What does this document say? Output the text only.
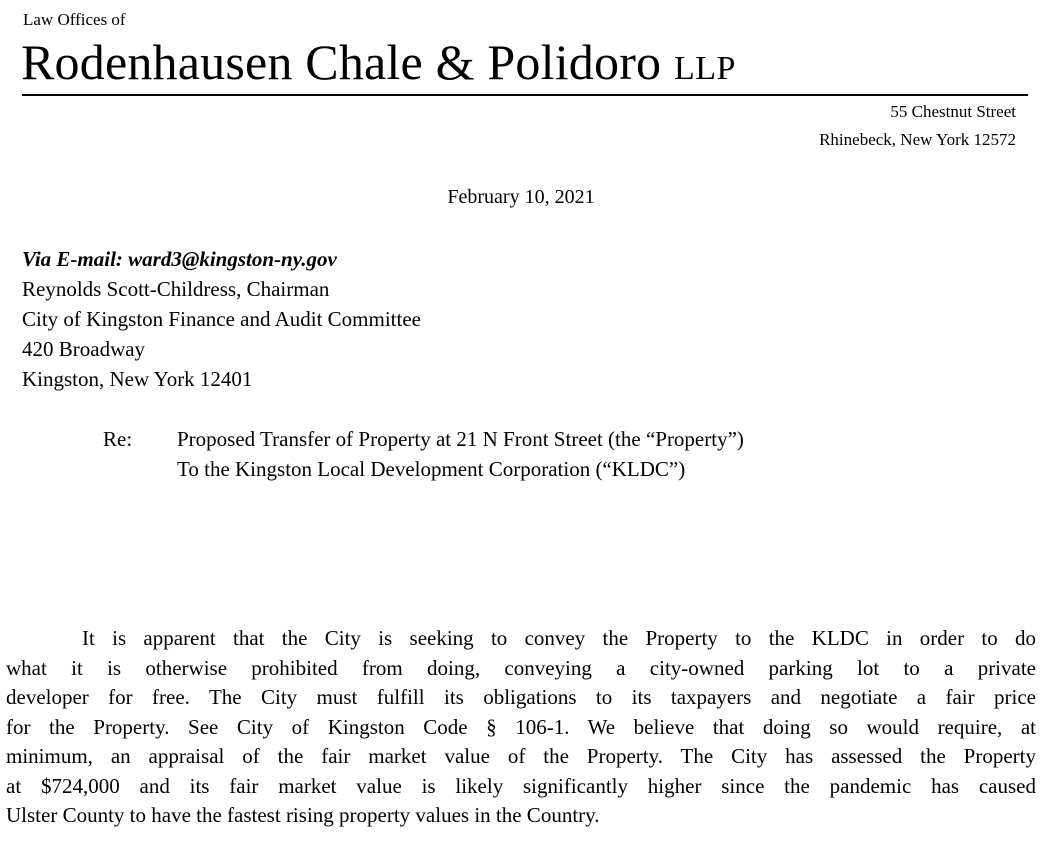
Law Offices of
Rodenhausen Chale & Polidoro LLP
55 Chestnut Street
Rhinebeck, New York 12572
February 10, 2021
Via E-mail: ward3@kingston-ny.gov
Reynolds Scott-Childress, Chairman
City of Kingston Finance and Audit Committee
420 Broadway
Kingston, New York 12401
Re: Proposed Transfer of Property at 21 N Front Street (the “Property”)
To the Kingston Local Development Corporation (“KLDC”)
It is apparent that the City is seeking to convey the Property to the KLDC in order to do
what it is otherwise prohibited from doing, conveying a city-owned parking lot to a private
developer for free. The City must fulfill its obligations to its taxpayers and negotiate a fair price
for the Property. See City of Kingston Code § 106-1. We believe that doing so would require, at
minimum, an appraisal of the fair market value of the Property. The City has assessed the Property
at $724,000 and its fair market value is likely significantly higher since the pandemic has caused
Ulster County to have the fastest rising property values in the Country.
